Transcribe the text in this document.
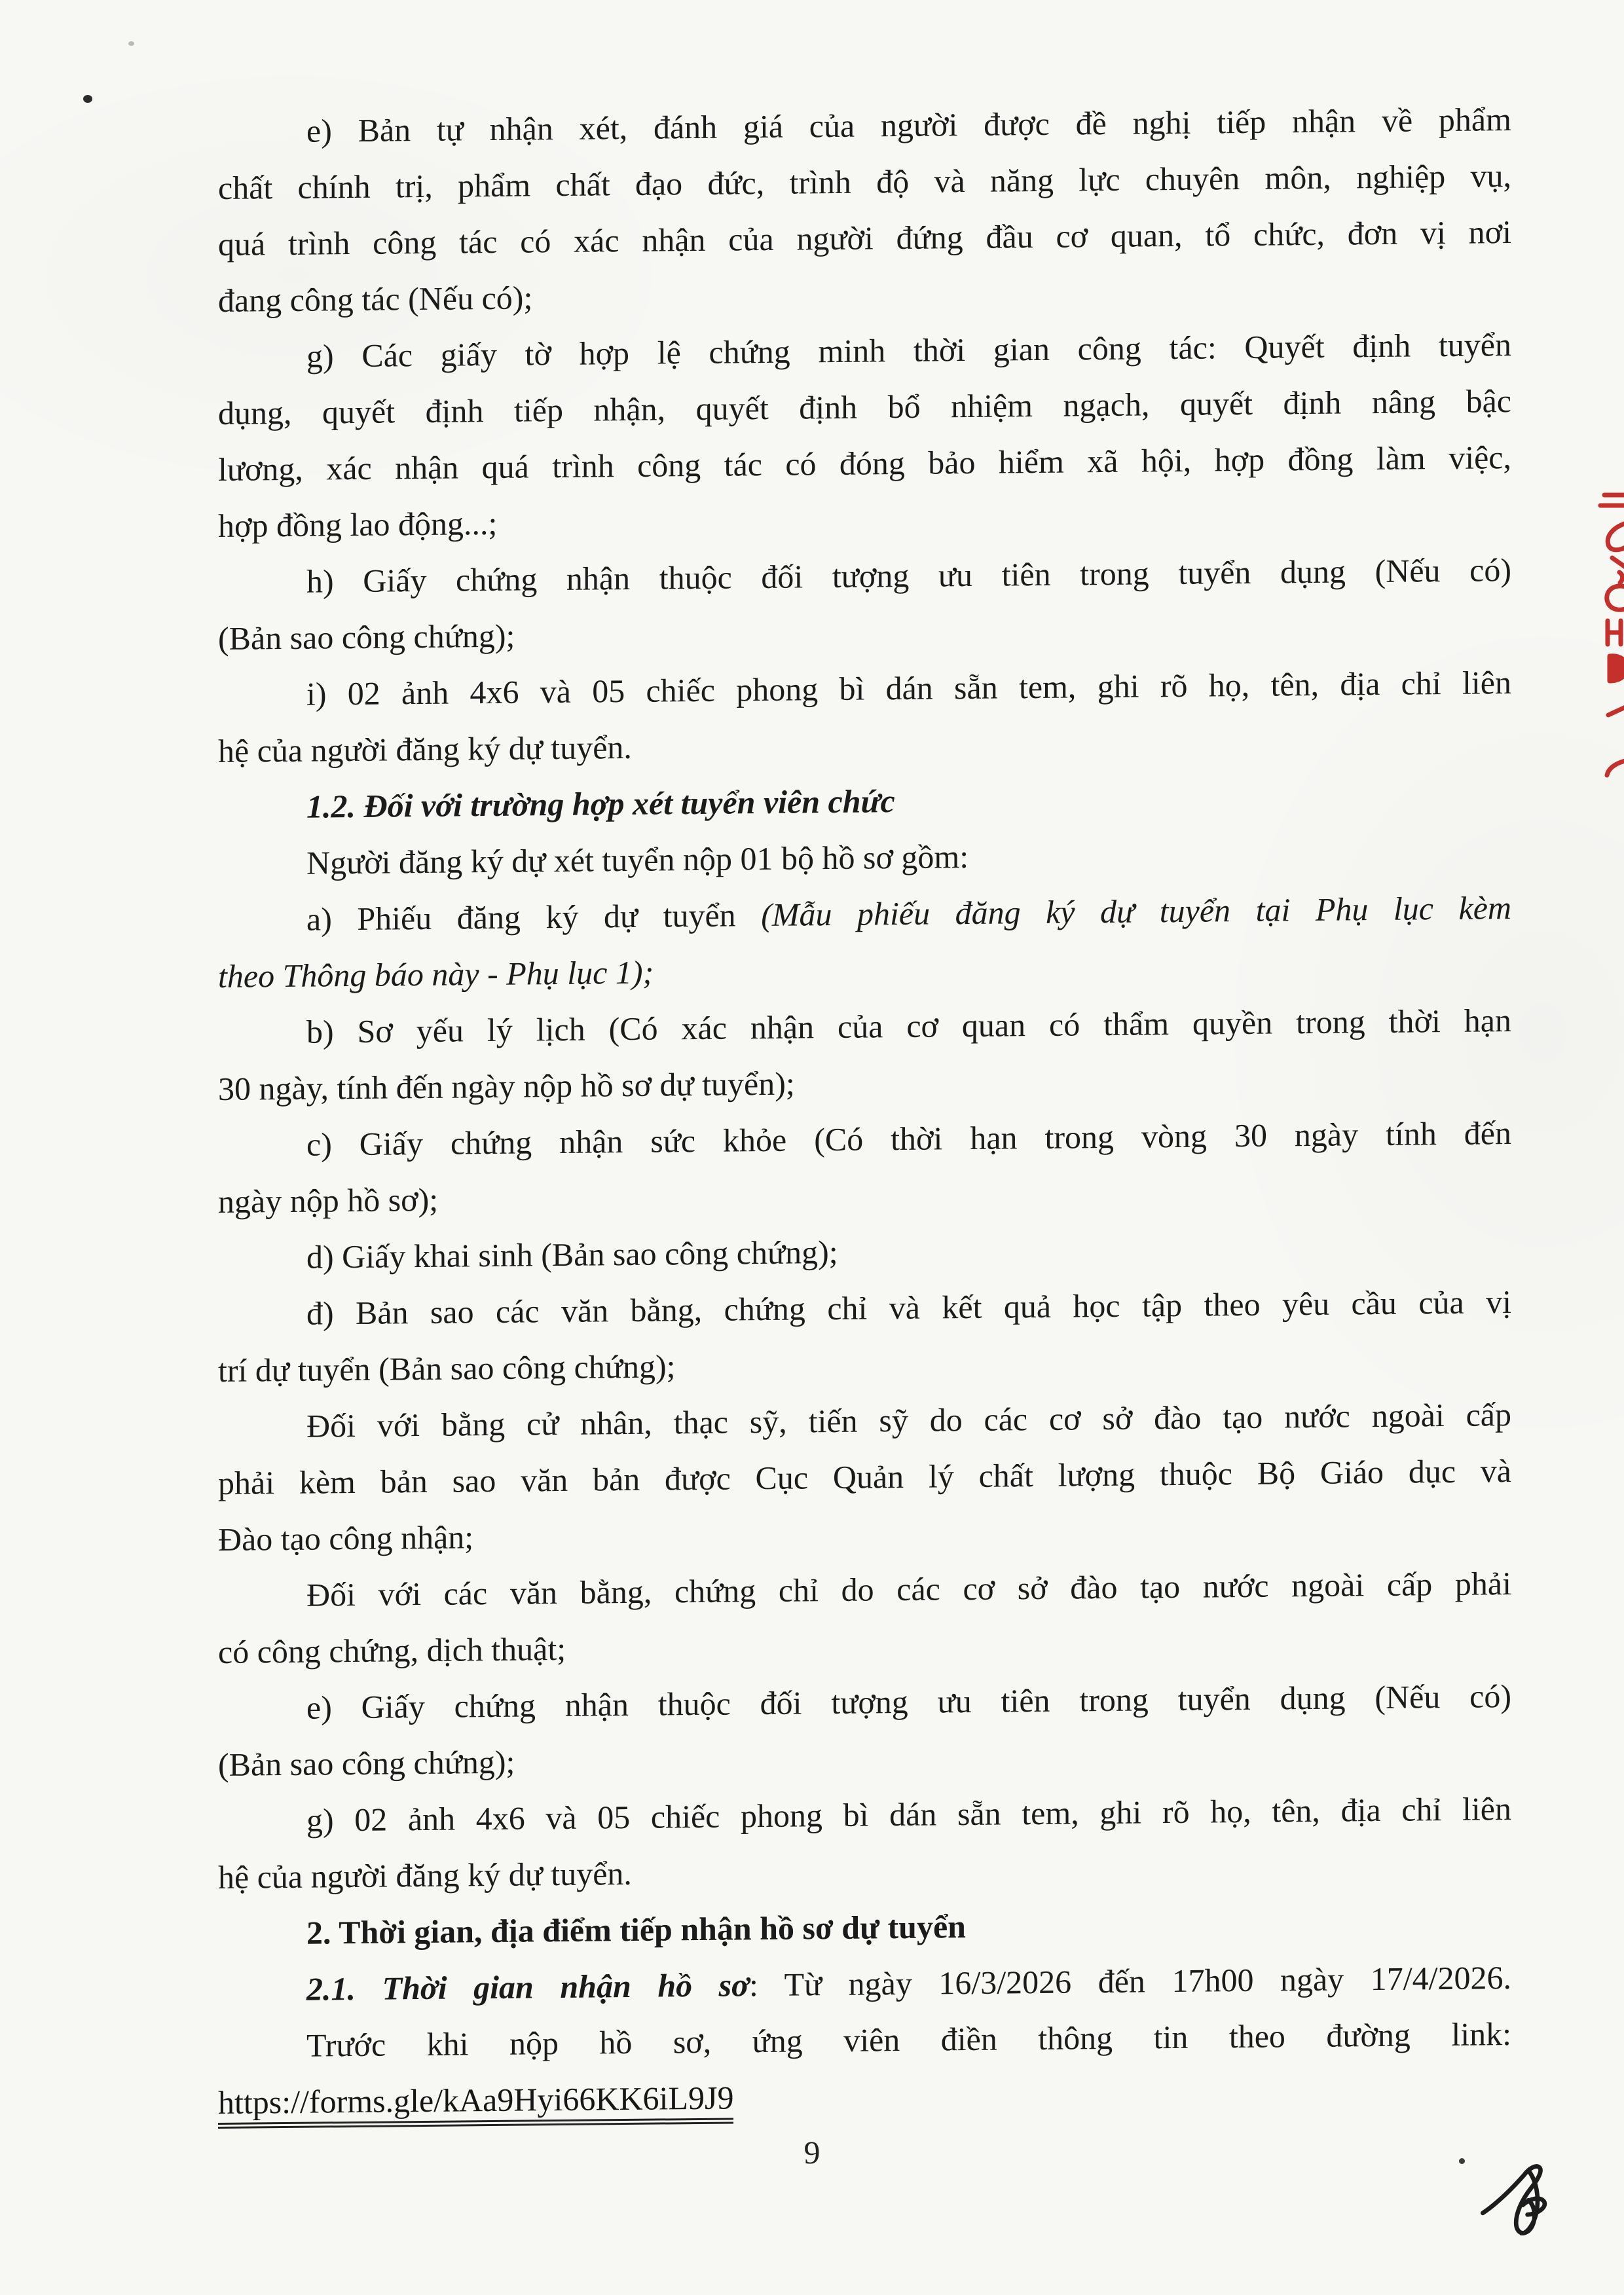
e) Bản tự nhận xét, đánh giá của người được đề nghị tiếp nhận về phẩm
chất chính trị, phẩm chất đạo đức, trình độ và năng lực chuyên môn, nghiệp vụ,
quá trình công tác có xác nhận của người đứng đầu cơ quan, tổ chức, đơn vị nơi
đang công tác (Nếu có);
g) Các giấy tờ hợp lệ chứng minh thời gian công tác: Quyết định tuyển
dụng, quyết định tiếp nhận, quyết định bổ nhiệm ngạch, quyết định nâng bậc
lương, xác nhận quá trình công tác có đóng bảo hiểm xã hội, hợp đồng làm việc,
hợp đồng lao động...;
h) Giấy chứng nhận thuộc đối tượng ưu tiên trong tuyển dụng (Nếu có)
(Bản sao công chứng);
i) 02 ảnh 4x6 và 05 chiếc phong bì dán sẵn tem, ghi rõ họ, tên, địa chỉ liên
hệ của người đăng ký dự tuyển.
1.2. Đối với trường hợp xét tuyển viên chức
Người đăng ký dự xét tuyển nộp 01 bộ hồ sơ gồm:
a) Phiếu đăng ký dự tuyển (Mẫu phiếu đăng ký dự tuyển tại Phụ lục kèm
theo Thông báo này - Phụ lục 1);
b) Sơ yếu lý lịch (Có xác nhận của cơ quan có thẩm quyền trong thời hạn
30 ngày, tính đến ngày nộp hồ sơ dự tuyển);
c) Giấy chứng nhận sức khỏe (Có thời hạn trong vòng 30 ngày tính đến
ngày nộp hồ sơ);
d) Giấy khai sinh (Bản sao công chứng);
đ) Bản sao các văn bằng, chứng chỉ và kết quả học tập theo yêu cầu của vị
trí dự tuyển (Bản sao công chứng);
Đối với bằng cử nhân, thạc sỹ, tiến sỹ do các cơ sở đào tạo nước ngoài cấp
phải kèm bản sao văn bản được Cục Quản lý chất lượng thuộc Bộ Giáo dục và
Đào tạo công nhận;
Đối với các văn bằng, chứng chỉ do các cơ sở đào tạo nước ngoài cấp phải
có công chứng, dịch thuật;
e) Giấy chứng nhận thuộc đối tượng ưu tiên trong tuyển dụng (Nếu có)
(Bản sao công chứng);
g) 02 ảnh 4x6 và 05 chiếc phong bì dán sẵn tem, ghi rõ họ, tên, địa chỉ liên
hệ của người đăng ký dự tuyển.
2. Thời gian, địa điểm tiếp nhận hồ sơ dự tuyển
2.1. Thời gian nhận hồ sơ: Từ ngày 16/3/2026 đến 17h00 ngày 17/4/2026.
Trước khi nộp hồ sơ, ứng viên điền thông tin theo đường link:
https://forms.gle/kAa9Hyi66KK6iL9J9
9
